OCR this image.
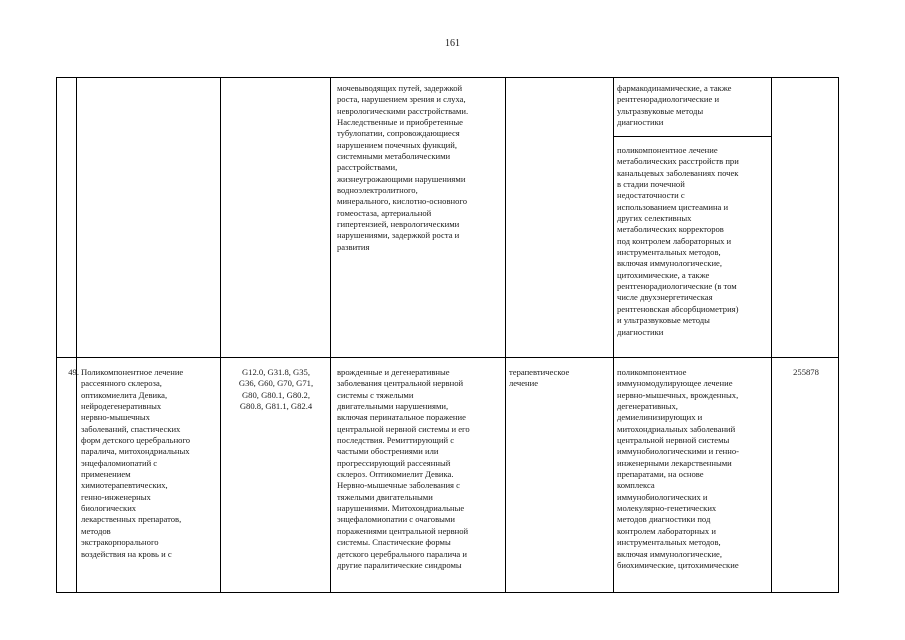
161
мочевыводящих путей, задержкой
роста, нарушением зрения и слуха,
неврологическими расстройствами.
Наследственные и приобретенные
тубулопатии, сопровождающиеся
нарушением почечных функций,
системными метаболическими
расстройствами,
жизнеугрожающими нарушениями
водноэлектролитного,
минерального, кислотно-основного
гомеостаза, артериальной
гипертензией, неврологическими
нарушениями, задержкой роста и
развития
фармакодинамические, а также
рентгенорадиологические и
ультразвуковые методы
диагностики
поликомпонентное лечение
метаболических расстройств при
канальцевых заболеваниях почек
в стадии почечной
недостаточности с
использованием цистеамина и
других селективных
метаболических корректоров
под контролем лабораторных и
инструментальных методов,
включая иммунологические,
цитохимические, а также
рентгенорадиологические (в том
числе двухэнергетическая
рентгеновская абсорбциометрия)
и ультразвуковые методы
диагностики
49. Поликомпонентное лечение
рассеянного склероза,
оптикомиелита Девика,
нейродегенеративных
нервно-мышечных
заболеваний, спастических
форм детского церебрального
паралича, митохондриальных
энцефаломиопатий с
применением
химиотерапевтических,
генно-инженерных
биологических
лекарственных препаратов,
методов
экстракорпорального
воздействия на кровь и с
G12.0, G31.8, G35,
G36, G60, G70, G71,
G80, G80.1, G80.2,
G80.8, G81.1, G82.4
врожденные и дегенеративные
заболевания центральной нервной
системы с тяжелыми
двигательными нарушениями,
включая перинатальное поражение
центральной нервной системы и его
последствия. Ремиттирующий с
частыми обострениями или
прогрессирующий рассеянный
склероз. Оптикомиелит Девика.
Нервно-мышечные заболевания с
тяжелыми двигательными
нарушениями. Митохондриальные
энцефаломиопатии с очаговыми
поражениями центральной нервной
системы. Спастические формы
детского церебрального паралича и
другие паралитические синдромы
терапевтическое
лечение
поликомпонентное
иммуномодулирующее лечение
нервно-мышечных, врожденных,
дегенеративных,
демиелинизирующих и
митохондриальных заболеваний
центральной нервной системы
иммунобиологическими и генно-
инженерными лекарственными
препаратами, на основе
комплекса
иммунобиологических и
молекулярно-генетических
методов диагностики под
контролем лабораторных и
инструментальных методов,
включая иммунологические,
биохимические, цитохимические
255878
